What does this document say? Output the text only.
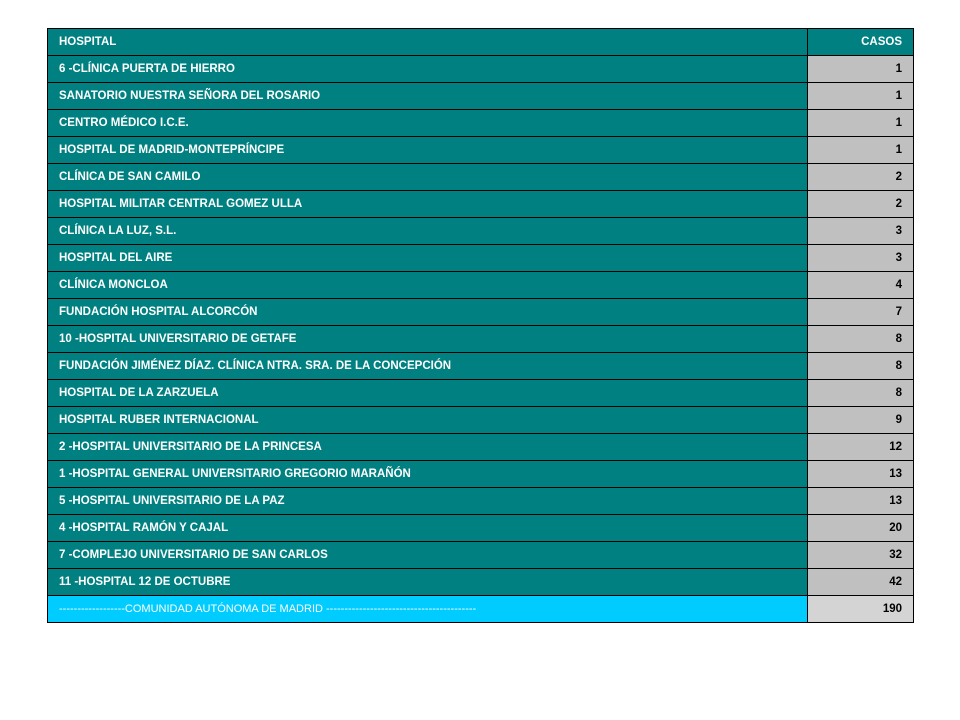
HOSPITAL	CASOS
6 -CLÍNICA PUERTA DE HIERRO	1
SANATORIO NUESTRA SEÑORA DEL ROSARIO	1
CENTRO MÉDICO I.C.E.	1
HOSPITAL DE MADRID-MONTEPRÍNCIPE	1
CLÍNICA DE SAN CAMILO	2
HOSPITAL MILITAR CENTRAL GOMEZ ULLA	2
CLÍNICA LA LUZ, S.L.	3
HOSPITAL DEL AIRE	3
CLÍNICA MONCLOA	4
FUNDACIÓN HOSPITAL ALCORCÓN	7
10 -HOSPITAL UNIVERSITARIO DE GETAFE	8
FUNDACIÓN JIMÉNEZ DÍAZ. CLÍNICA NTRA. SRA. DE LA CONCEPCIÓN	8
HOSPITAL DE LA ZARZUELA	8
HOSPITAL RUBER INTERNACIONAL	9
2 -HOSPITAL UNIVERSITARIO DE LA PRINCESA	12
1 -HOSPITAL GENERAL UNIVERSITARIO GREGORIO MARAÑÓN	13
5 -HOSPITAL UNIVERSITARIO DE LA PAZ	13
4 -HOSPITAL RAMÓN Y CAJAL	20
7 -COMPLEJO UNIVERSITARIO DE SAN CARLOS	32
11 -HOSPITAL 12 DE OCTUBRE	42
------------------COMUNIDAD AUTÓNOMA DE MADRID -----------------------------------------	190
